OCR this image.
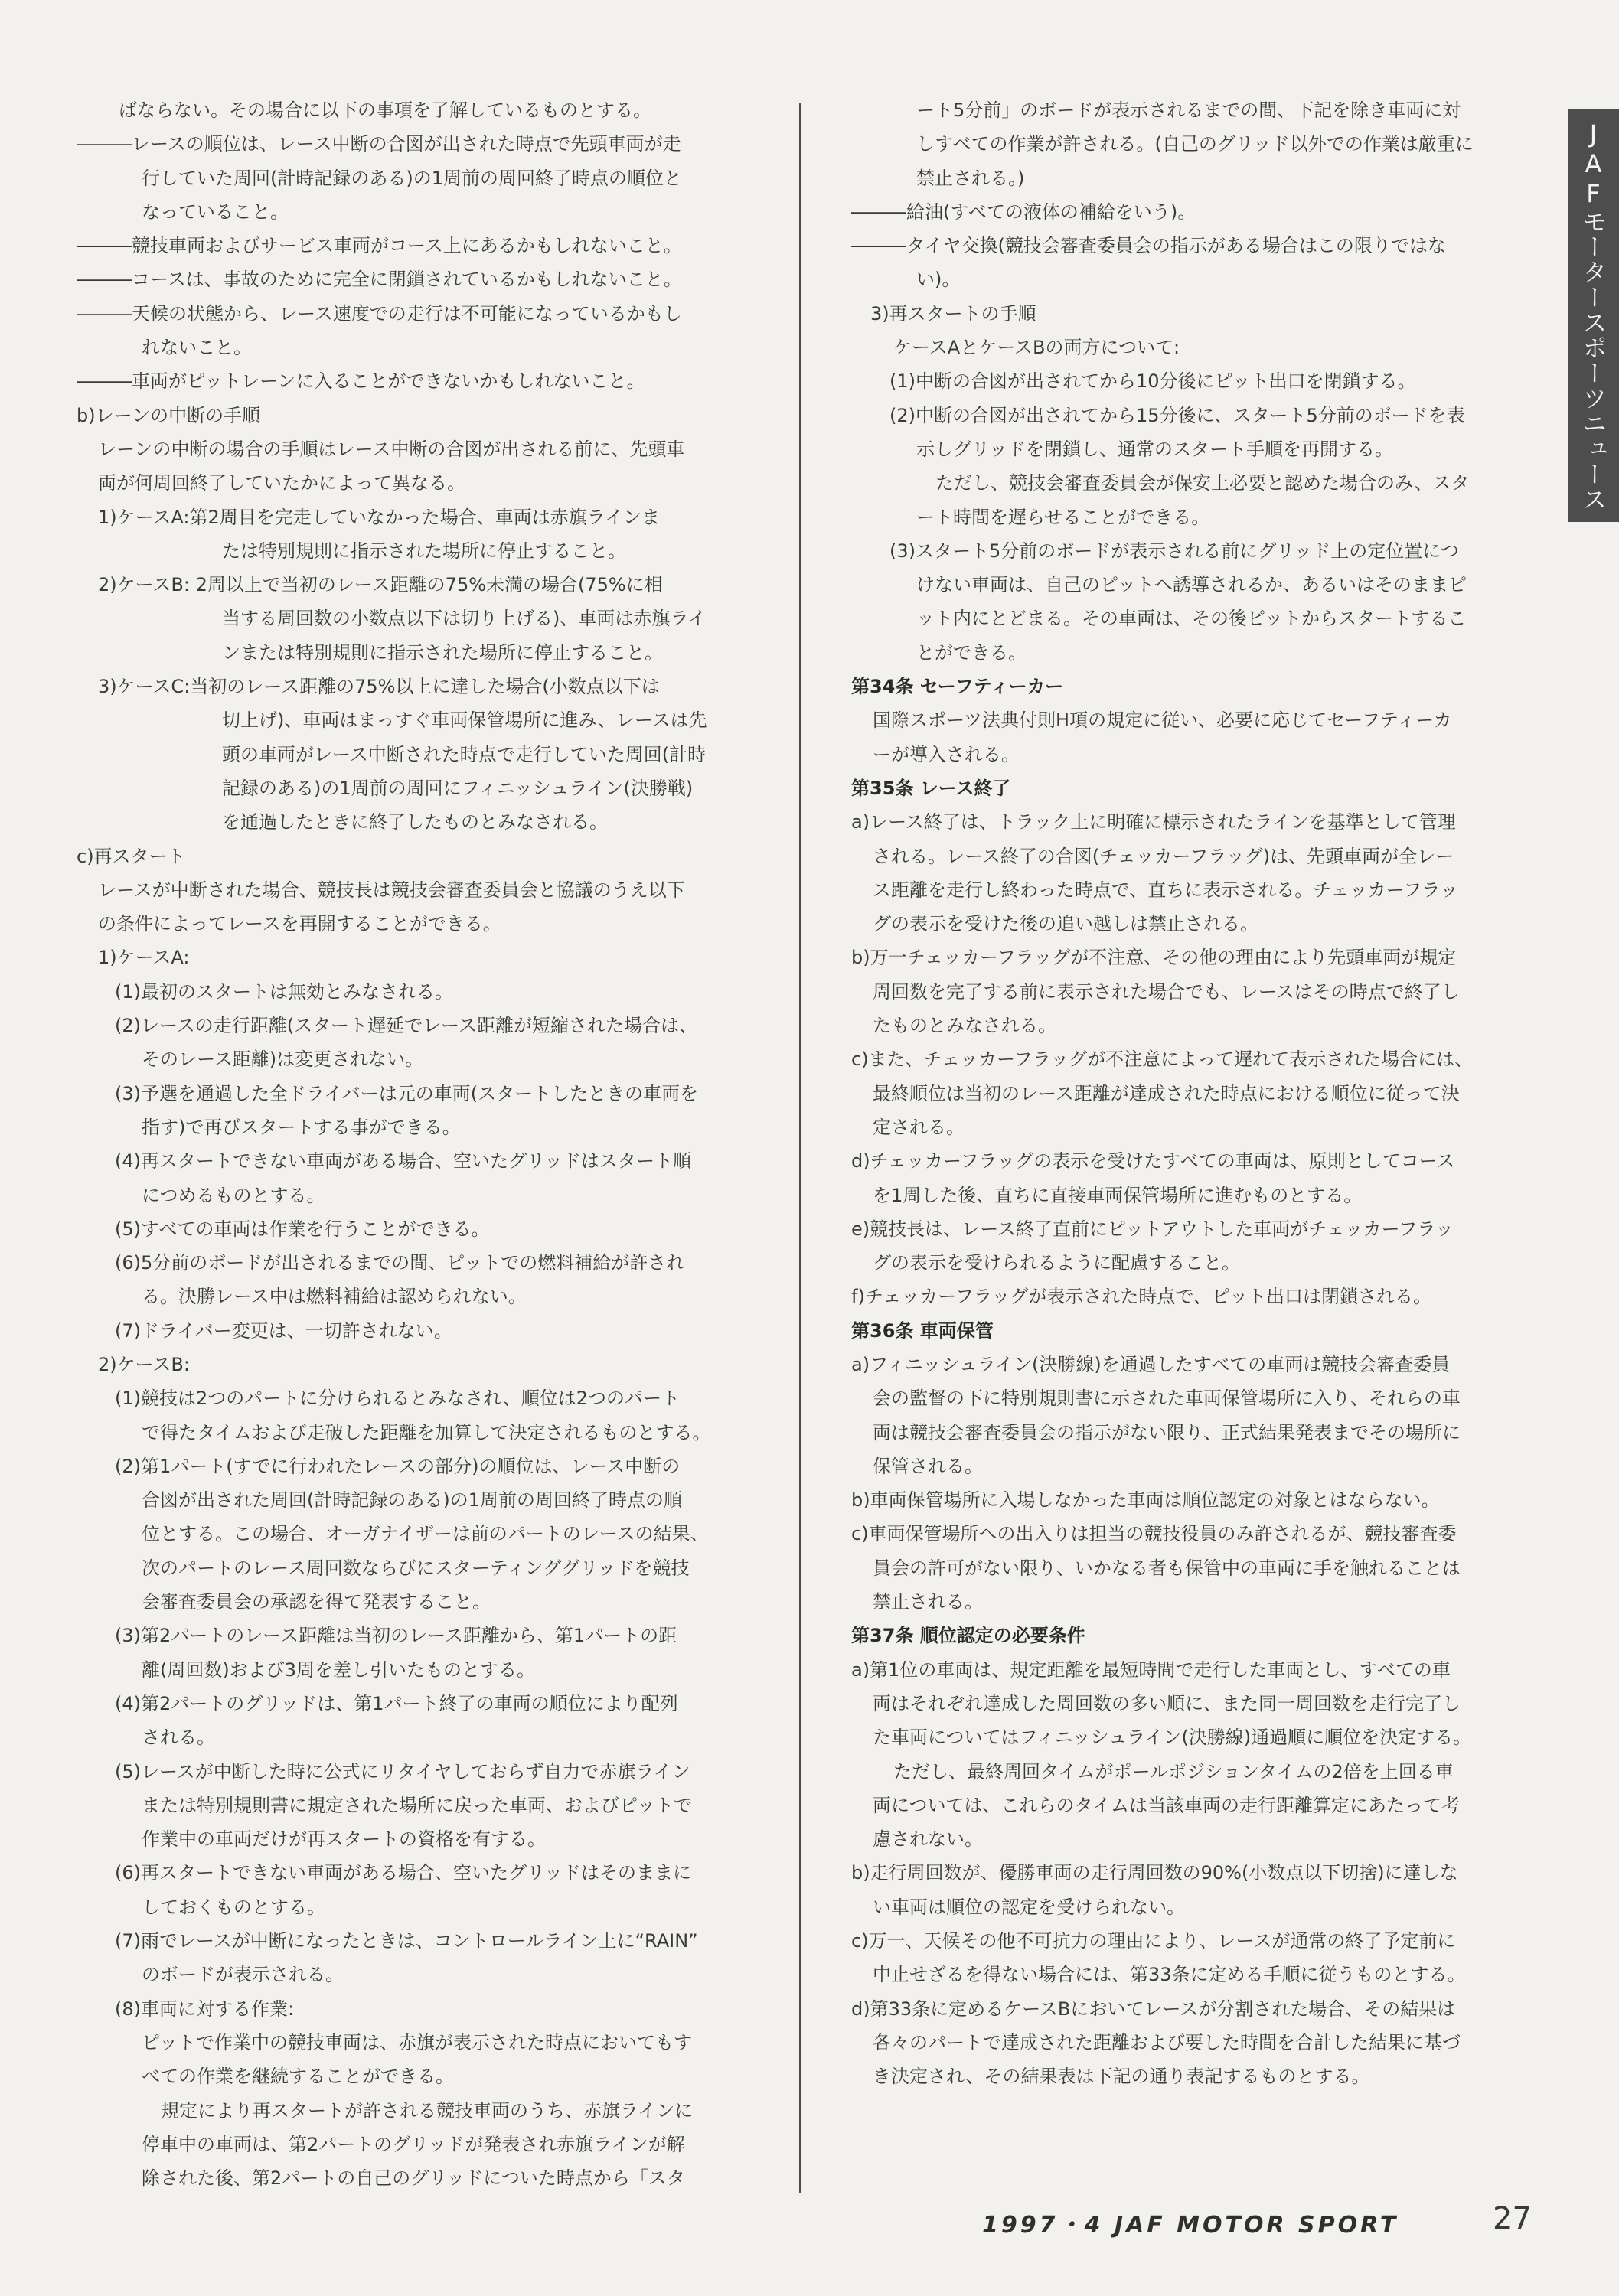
ばならない。その場合に以下の事項を了解しているものとする。
―――レースの順位は、レース中断の合図が出された時点で先頭車両が走
行していた周回(計時記録のある)の1周前の周回終了時点の順位と
なっていること。
―――競技車両およびサービス車両がコース上にあるかもしれないこと。
―――コースは、事故のために完全に閉鎖されているかもしれないこと。
―――天候の状態から、レース速度での走行は不可能になっているかもし
れないこと。
―――車両がピットレーンに入ることができないかもしれないこと。
b)レーンの中断の手順
レーンの中断の場合の手順はレース中断の合図が出される前に、先頭車
両が何周回終了していたかによって異なる。
1)ケースA:第2周目を完走していなかった場合、車両は赤旗ラインま
たは特別規則に指示された場所に停止すること。
2)ケースB: 2周以上で当初のレース距離の75%未満の場合(75%に相
当する周回数の小数点以下は切り上げる)、車両は赤旗ライ
ンまたは特別規則に指示された場所に停止すること。
3)ケースC:当初のレース距離の75%以上に達した場合(小数点以下は
切上げ)、車両はまっすぐ車両保管場所に進み、レースは先
頭の車両がレース中断された時点で走行していた周回(計時
記録のある)の1周前の周回にフィニッシュライン(決勝戦)
を通過したときに終了したものとみなされる。
c)再スタート
レースが中断された場合、競技長は競技会審査委員会と協議のうえ以下
の条件によってレースを再開することができる。
1)ケースA:
(1)最初のスタートは無効とみなされる。
(2)レースの走行距離(スタート遅延でレース距離が短縮された場合は、
そのレース距離)は変更されない。
(3)予選を通過した全ドライバーは元の車両(スタートしたときの車両を
指す)で再びスタートする事ができる。
(4)再スタートできない車両がある場合、空いたグリッドはスタート順
につめるものとする。
(5)すべての車両は作業を行うことができる。
(6)5分前のボードが出されるまでの間、ピットでの燃料補給が許され
る。決勝レース中は燃料補給は認められない。
(7)ドライバー変更は、一切許されない。
2)ケースB:
(1)競技は2つのパートに分けられるとみなされ、順位は2つのパート
で得たタイムおよび走破した距離を加算して決定されるものとする。
(2)第1パート(すでに行われたレースの部分)の順位は、レース中断の
合図が出された周回(計時記録のある)の1周前の周回終了時点の順
位とする。この場合、オーガナイザーは前のパートのレースの結果、
次のパートのレース周回数ならびにスターティンググリッドを競技
会審査委員会の承認を得て発表すること。
(3)第2パートのレース距離は当初のレース距離から、第1パートの距
離(周回数)および3周を差し引いたものとする。
(4)第2パートのグリッドは、第1パート終了の車両の順位により配列
される。
(5)レースが中断した時に公式にリタイヤしておらず自力で赤旗ライン
または特別規則書に規定された場所に戻った車両、およびピットで
作業中の車両だけが再スタートの資格を有する。
(6)再スタートできない車両がある場合、空いたグリッドはそのままに
しておくものとする。
(7)雨でレースが中断になったときは、コントロールライン上に“RAIN”
のボードが表示される。
(8)車両に対する作業:
ピットで作業中の競技車両は、赤旗が表示された時点においてもす
べての作業を継続することができる。
規定により再スタートが許される競技車両のうち、赤旗ラインに
停車中の車両は、第2パートのグリッドが発表され赤旗ラインが解
除された後、第2パートの自己のグリッドについた時点から「スタ
ート5分前」のボードが表示されるまでの間、下記を除き車両に対
しすべての作業が許される。(自己のグリッド以外での作業は厳重に
禁止される。)
―――給油(すべての液体の補給をいう)。
―――タイヤ交換(競技会審査委員会の指示がある場合はこの限りではな
い)。
3)再スタートの手順
ケースAとケースBの両方について:
(1)中断の合図が出されてから10分後にピット出口を閉鎖する。
(2)中断の合図が出されてから15分後に、スタート5分前のボードを表
示しグリッドを閉鎖し、通常のスタート手順を再開する。
ただし、競技会審査委員会が保安上必要と認めた場合のみ、スタ
ート時間を遅らせることができる。
(3)スタート5分前のボードが表示される前にグリッド上の定位置につ
けない車両は、自己のピットへ誘導されるか、あるいはそのままピ
ット内にとどまる。その車両は、その後ピットからスタートするこ
とができる。
第34条 セーフティーカー
国際スポーツ法典付則H項の規定に従い、必要に応じてセーフティーカ
ーが導入される。
第35条 レース終了
a)レース終了は、トラック上に明確に標示されたラインを基準として管理
される。レース終了の合図(チェッカーフラッグ)は、先頭車両が全レー
ス距離を走行し終わった時点で、直ちに表示される。チェッカーフラッ
グの表示を受けた後の追い越しは禁止される。
b)万一チェッカーフラッグが不注意、その他の理由により先頭車両が規定
周回数を完了する前に表示された場合でも、レースはその時点で終了し
たものとみなされる。
c)また、チェッカーフラッグが不注意によって遅れて表示された場合には、
最終順位は当初のレース距離が達成された時点における順位に従って決
定される。
d)チェッカーフラッグの表示を受けたすべての車両は、原則としてコース
を1周した後、直ちに直接車両保管場所に進むものとする。
e)競技長は、レース終了直前にピットアウトした車両がチェッカーフラッ
グの表示を受けられるように配慮すること。
f)チェッカーフラッグが表示された時点で、ピット出口は閉鎖される。
第36条 車両保管
a)フィニッシュライン(決勝線)を通過したすべての車両は競技会審査委員
会の監督の下に特別規則書に示された車両保管場所に入り、それらの車
両は競技会審査委員会の指示がない限り、正式結果発表までその場所に
保管される。
b)車両保管場所に入場しなかった車両は順位認定の対象とはならない。
c)車両保管場所への出入りは担当の競技役員のみ許されるが、競技審査委
員会の許可がない限り、いかなる者も保管中の車両に手を触れることは
禁止される。
第37条 順位認定の必要条件
a)第1位の車両は、規定距離を最短時間で走行した車両とし、すべての車
両はそれぞれ達成した周回数の多い順に、また同一周回数を走行完了し
た車両についてはフィニッシュライン(決勝線)通過順に順位を決定する。
ただし、最終周回タイムがポールポジションタイムの2倍を上回る車
両については、これらのタイムは当該車両の走行距離算定にあたって考
慮されない。
b)走行周回数が、優勝車両の走行周回数の90%(小数点以下切捨)に達しな
い車両は順位の認定を受けられない。
c)万一、天候その他不可抗力の理由により、レースが通常の終了予定前に
中止せざるを得ない場合には、第33条に定める手順に従うものとする。
d)第33条に定めるケースBにおいてレースが分割された場合、その結果は
各々のパートで達成された距離および要した時間を合計した結果に基づ
き決定され、その結果表は下記の通り表記するものとする。
JAFモータースポーツニュース
1997・4 JAF MOTOR SPORT	27
